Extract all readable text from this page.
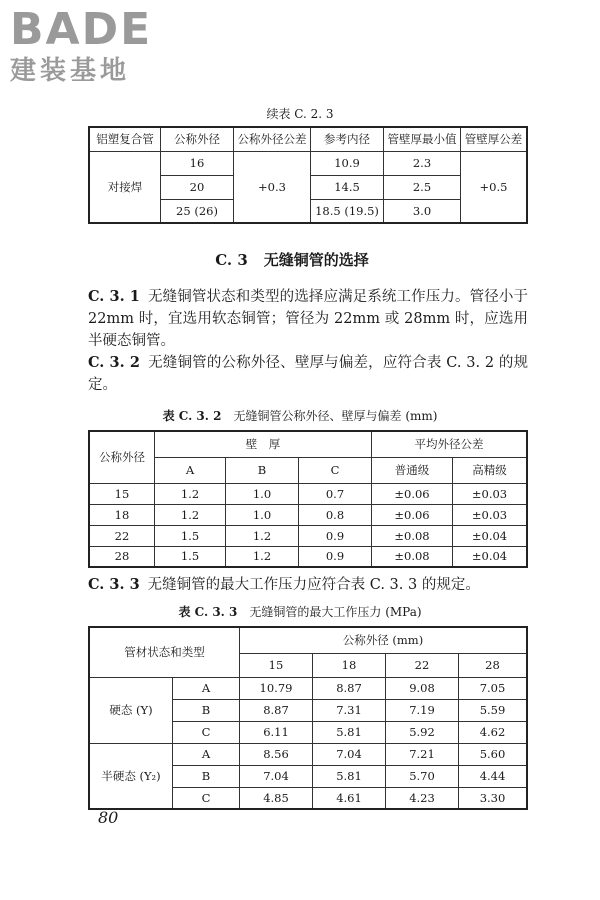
BADE
建装基地
续表 C. 2. 3
铝塑复合管	公称外径	公称外径公差	参考内径	管壁厚最小值	管壁厚公差
对接焊	16	+0.3	10.9	2.3	+0.5
	20		14.5	2.5	
	25 (26)		18.5 (19.5)	3.0	
C. 3 无缝铜管的选择
C. 3. 1 无缝铜管状态和类型的选择应满足系统工作压力。管径小于 22mm 时，宜选用软态铜管；管径为 22mm 或 28mm 时，应选用半硬态铜管。
C. 3. 2 无缝铜管的公称外径、壁厚与偏差，应符合表 C. 3. 2 的规定。
表 C. 3. 2 无缝铜管公称外径、壁厚与偏差 (mm)
公称外径	壁　厚			平均外径公差	
	A	B	C	普通级	高精级
15	1.2	1.0	0.7	±0.06	±0.03
18	1.2	1.0	0.8	±0.06	±0.03
22	1.5	1.2	0.9	±0.08	±0.04
28	1.5	1.2	0.9	±0.08	±0.04
C. 3. 3 无缝铜管的最大工作压力应符合表 C. 3. 3 的规定。
表 C. 3. 3 无缝铜管的最大工作压力 (MPa)
管材状态和类型		公称外径 (mm)			
		15	18	22	28
硬态 (Y)	A	10.79	8.87	9.08	7.05
	B	8.87	7.31	7.19	5.59
	C	6.11	5.81	5.92	4.62
半硬态 (Y₂)	A	8.56	7.04	7.21	5.60
	B	7.04	5.81	5.70	4.44
	C	4.85	4.61	4.23	3.30
80
